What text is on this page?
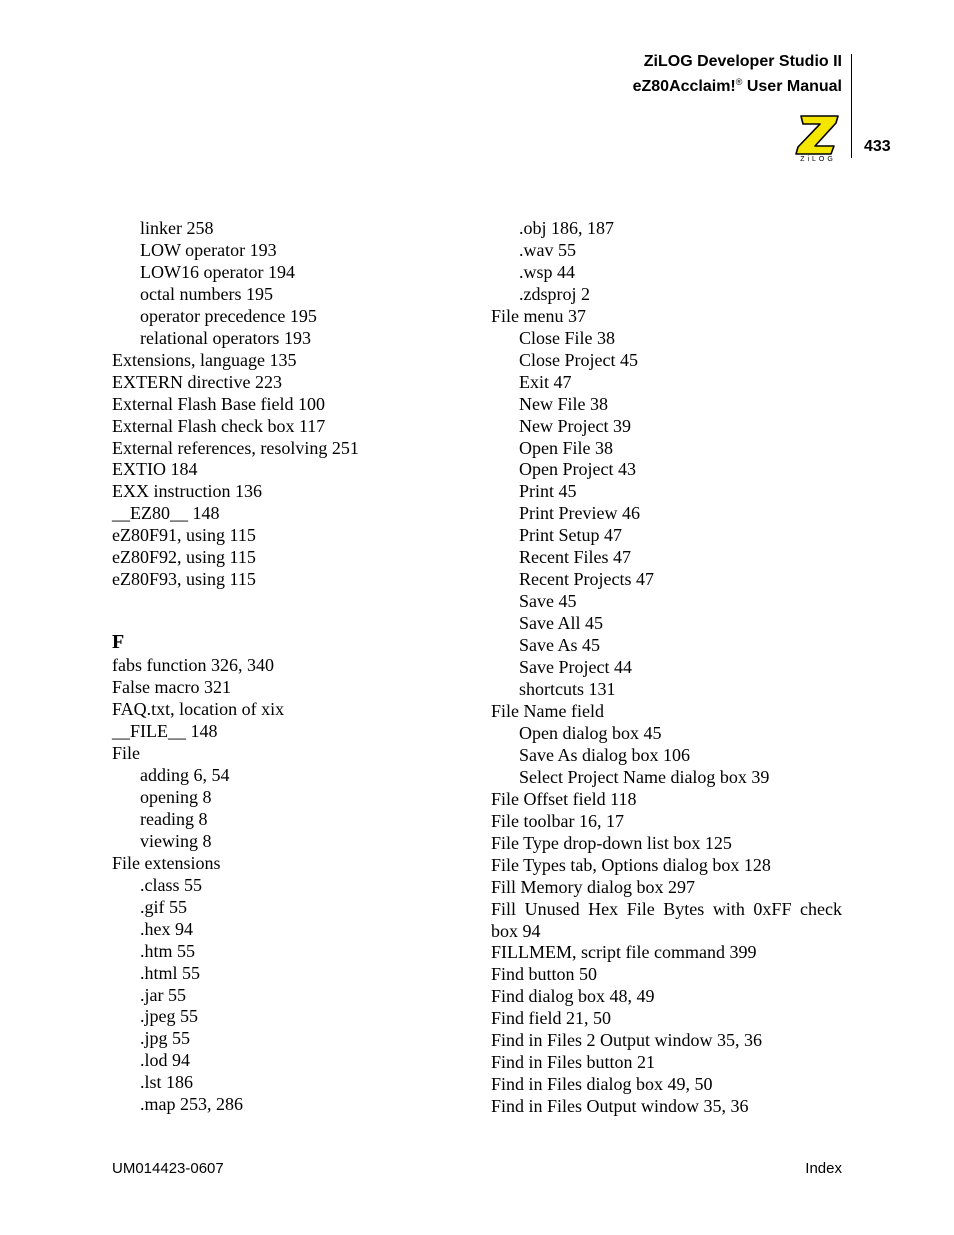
ZiLOG Developer Studio II
eZ80Acclaim!® User Manual
ZiLOG
433
linker 258
LOW operator 193
LOW16 operator 194
octal numbers 195
operator precedence 195
relational operators 193
Extensions, language 135
EXTERN directive 223
External Flash Base field 100
External Flash check box 117
External references, resolving 251
EXTIO 184
EXX instruction 136
__EZ80__ 148
eZ80F91, using 115
eZ80F92, using 115
eZ80F93, using 115
F
fabs function 326, 340
False macro 321
FAQ.txt, location of xix
__FILE__ 148
File
adding 6, 54
opening 8
reading 8
viewing 8
File extensions
.class 55
.gif 55
.hex 94
.htm 55
.html 55
.jar 55
.jpeg 55
.jpg 55
.lod 94
.lst 186
.map 253, 286
.obj 186, 187
.wav 55
.wsp 44
.zdsproj 2
File menu 37
Close File 38
Close Project 45
Exit 47
New File 38
New Project 39
Open File 38
Open Project 43
Print 45
Print Preview 46
Print Setup 47
Recent Files 47
Recent Projects 47
Save 45
Save All 45
Save As 45
Save Project 44
shortcuts 131
File Name field
Open dialog box 45
Save As dialog box 106
Select Project Name dialog box 39
File Offset field 118
File toolbar 16, 17
File Type drop-down list box 125
File Types tab, Options dialog box 128
Fill Memory dialog box 297
Fill Unused Hex File Bytes with 0xFF check
box 94
FILLMEM, script file command 399
Find button 50
Find dialog box 48, 49
Find field 21, 50
Find in Files 2 Output window 35, 36
Find in Files button 21
Find in Files dialog box 49, 50
Find in Files Output window 35, 36
UM014423-0607	Index
